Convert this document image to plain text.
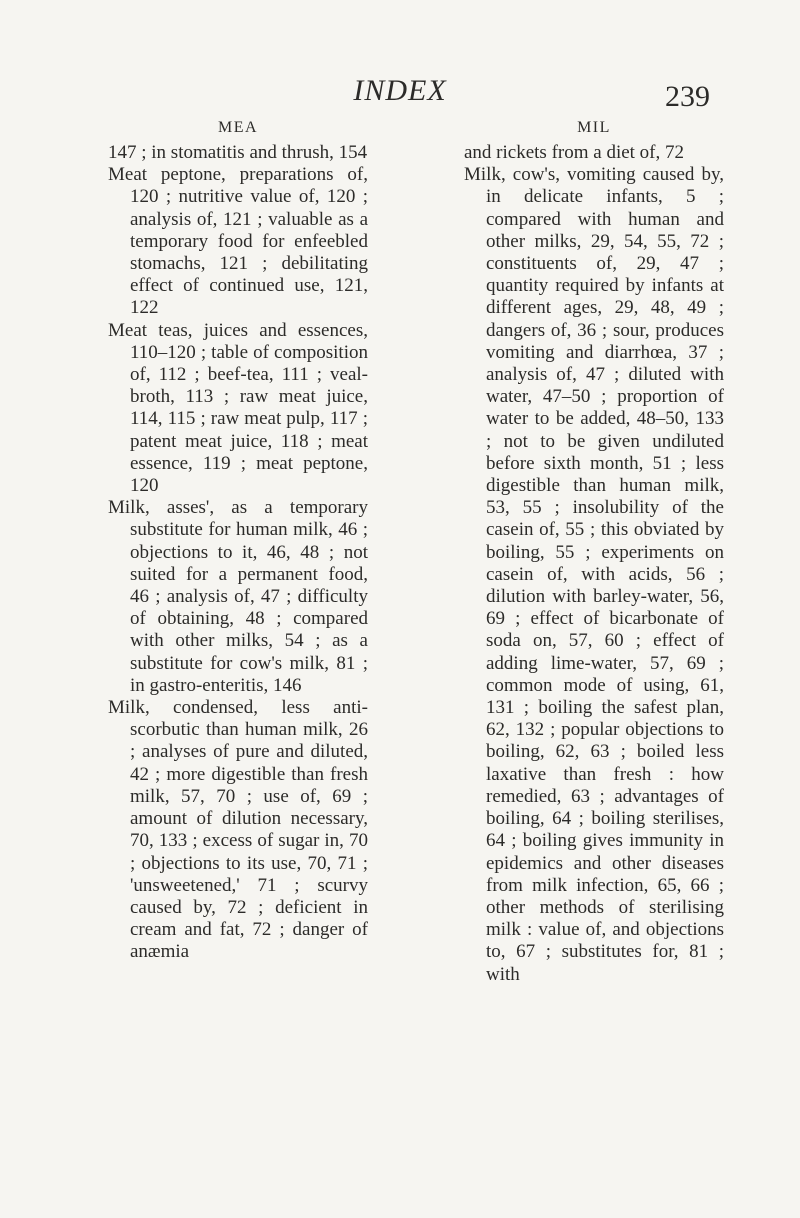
INDEX	239
MEA

147 ; in stomatitis and thrush, 154

Meat peptone, preparations of, 120 ; nutritive value of, 120 ; analysis of, 121 ; valuable as a temporary food for enfeebled stomachs, 121 ; debilitating effect of continued use, 121, 122

Meat teas, juices and essences, 110–120 ; table of composition of, 112 ; beef-tea, 111 ; veal-broth, 113 ; raw meat juice, 114, 115 ; raw meat pulp, 117 ; patent meat juice, 118 ; meat essence, 119 ; meat peptone, 120

Milk, asses', as a temporary substitute for human milk, 46 ; objections to it, 46, 48 ; not suited for a permanent food, 46 ; analysis of, 47 ; difficulty of obtaining, 48 ; compared with other milks, 54 ; as a substitute for cow's milk, 81 ; in gastro-enteritis, 146

Milk, condensed, less anti-scorbutic than human milk, 26 ; analyses of pure and diluted, 42 ; more digestible than fresh milk, 57, 70 ; use of, 69 ; amount of dilution necessary, 70, 133 ; excess of sugar in, 70 ; objections to its use, 70, 71 ; 'unsweetened,' 71 ; scurvy caused by, 72 ; deficient in cream and fat, 72 ; danger of anæmia

MIL

and rickets from a diet of, 72

Milk, cow's, vomiting caused by, in delicate infants, 5 ; compared with human and other milks, 29, 54, 55, 72 ; constituents of, 29, 47 ; quantity required by infants at different ages, 29, 48, 49 ; dangers of, 36 ; sour, produces vomiting and diarrhœa, 37 ; analysis of, 47 ; diluted with water, 47–50 ; proportion of water to be added, 48–50, 133 ; not to be given undiluted before sixth month, 51 ; less digestible than human milk, 53, 55 ; insolubility of the casein of, 55 ; this obviated by boiling, 55 ; experiments on casein of, with acids, 56 ; dilution with barley-water, 56, 69 ; effect of bicarbonate of soda on, 57, 60 ; effect of adding lime-water, 57, 69 ; common mode of using, 61, 131 ; boiling the safest plan, 62, 132 ; popular objections to boiling, 62, 63 ; boiled less laxative than fresh : how remedied, 63 ; advantages of boiling, 64 ; boiling sterilises, 64 ; boiling gives immunity in epidemics and other diseases from milk infection, 65, 66 ; other methods of sterilising milk : value of, and objections to, 67 ; substitutes for, 81 ; with
